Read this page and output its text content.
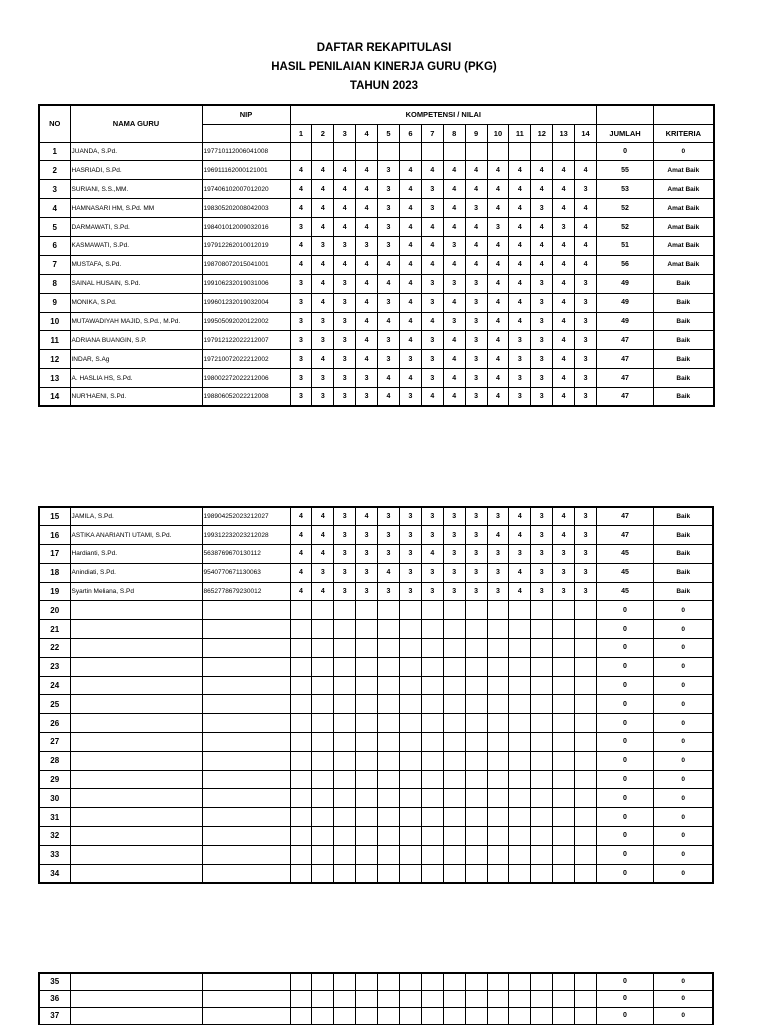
DAFTAR REKAPITULASI
HASIL PENILAIAN KINERJA GURU (PKG)
TAHUN 2023
NO	NAMA GURU	NIP	KOMPETENSI / NILAI															
			1	2	3	4	5	6	7	8	9	10	11	12	13	14	JUMLAH	KRITERIA
1	JUANDA, S.Pd.	197710112006041008															0	0
2	HASRIADI, S.Pd.	196911162000121001	4	4	4	4	3	4	4	4	4	4	4	4	4	4	55	Amat Baik
3	SURIANI, S.S.,MM.	197406102007012020	4	4	4	4	3	4	3	4	4	4	4	4	4	3	53	Amat Baik
4	HAMNASARI HM, S.Pd. MM	198305202008042003	4	4	4	4	3	4	3	4	3	4	4	3	4	4	52	Amat Baik
5	DARMAWATI, S.Pd.	198401012009032016	3	4	4	4	3	4	4	4	4	3	4	4	3	4	52	Amat Baik
6	KASMAWATI, S.Pd.	197912262010012019	4	3	3	3	3	4	4	3	4	4	4	4	4	4	51	Amat Baik
7	MUSTAFA, S.Pd.	198708072015041001	4	4	4	4	4	4	4	4	4	4	4	4	4	4	56	Amat Baik
8	SAINAL HUSAIN, S.Pd.	199106232019031006	3	4	3	4	4	4	3	3	3	4	4	3	4	3	49	Baik
9	MONIKA, S.Pd.	199601232019032004	3	4	3	4	3	4	3	4	3	4	4	3	4	3	49	Baik
10	MUTAWADIYAH MAJID, S.Pd., M.Pd.	199505092020122002	3	3	3	4	4	4	4	3	3	4	4	3	4	3	49	Baik
11	ADRIANA BUANGIN, S.P.	197912122022212007	3	3	3	4	3	4	3	4	3	4	3	3	4	3	47	Baik
12	INDAR, S.Ag	197210072022212002	3	4	3	4	3	3	3	4	3	4	3	3	4	3	47	Baik
13	A. HASLIA HS, S.Pd.	198002272022212006	3	3	3	3	4	4	3	4	3	4	3	3	4	3	47	Baik
14	NUR'HAENI, S.Pd.	198806052022212008	3	3	3	3	4	3	4	4	3	4	3	3	4	3	47	Baik
15	JAMILA, S.Pd.	198904252023212027	4	4	3	4	3	3	3	3	3	3	4	3	4	3	47	Baik
16	ASTIKA ANARIANTI UTAMI, S.Pd.	199312232023212028	4	4	3	3	3	3	3	3	3	4	4	3	4	3	47	Baik
17	Hardianti, S.Pd.	5638769670130112	4	4	3	3	3	3	4	3	3	3	3	3	3	3	45	Baik
18	Anindiati, S.Pd.	9540770671130063	4	3	3	3	4	3	3	3	3	3	4	3	3	3	45	Baik
19	Syartin Meliana, S.Pd	8652778679230012	4	4	3	3	3	3	3	3	3	3	4	3	3	3	45	Baik
20																	0	0
21																	0	0
22																	0	0
23																	0	0
24																	0	0
25																	0	0
26																	0	0
27																	0	0
28																	0	0
29																	0	0
30																	0	0
31																	0	0
32																	0	0
33																	0	0
34																	0	0
35																	0	0
36																	0	0
37																	0	0
